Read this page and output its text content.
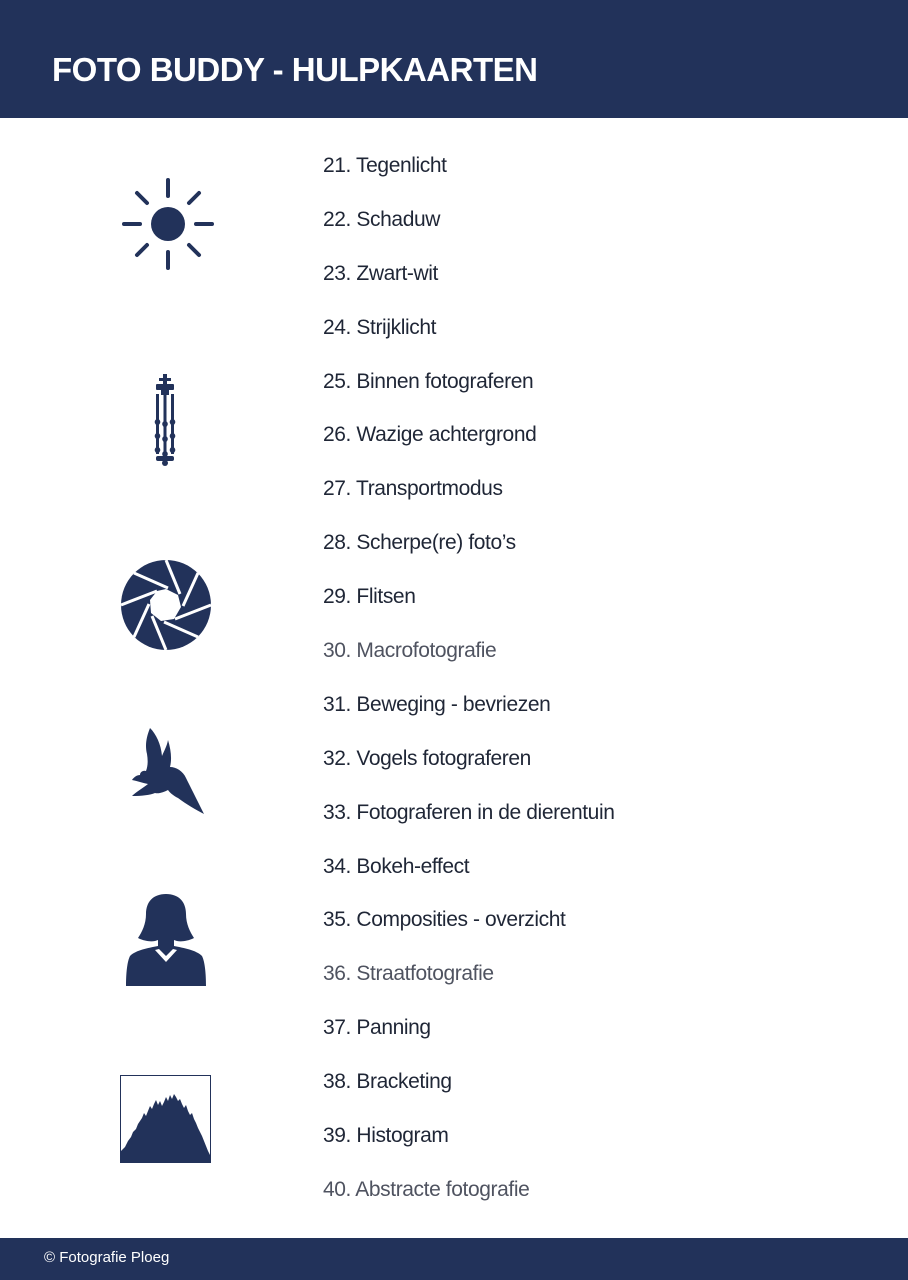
FOTO BUDDY - HULPKAARTEN
21. Tegenlicht
22. Schaduw
23. Zwart-wit
24. Strijklicht
25. Binnen fotograferen
26. Wazige achtergrond
27. Transportmodus
28. Scherpe(re) foto’s
29. Flitsen
30. Macrofotografie
31. Beweging - bevriezen
32. Vogels fotograferen
33. Fotograferen in de dierentuin
34. Bokeh-effect
35. Composities - overzicht
36. Straatfotografie
37. Panning
38. Bracketing
39. Histogram
40. Abstracte fotografie
© Fotografie Ploeg
